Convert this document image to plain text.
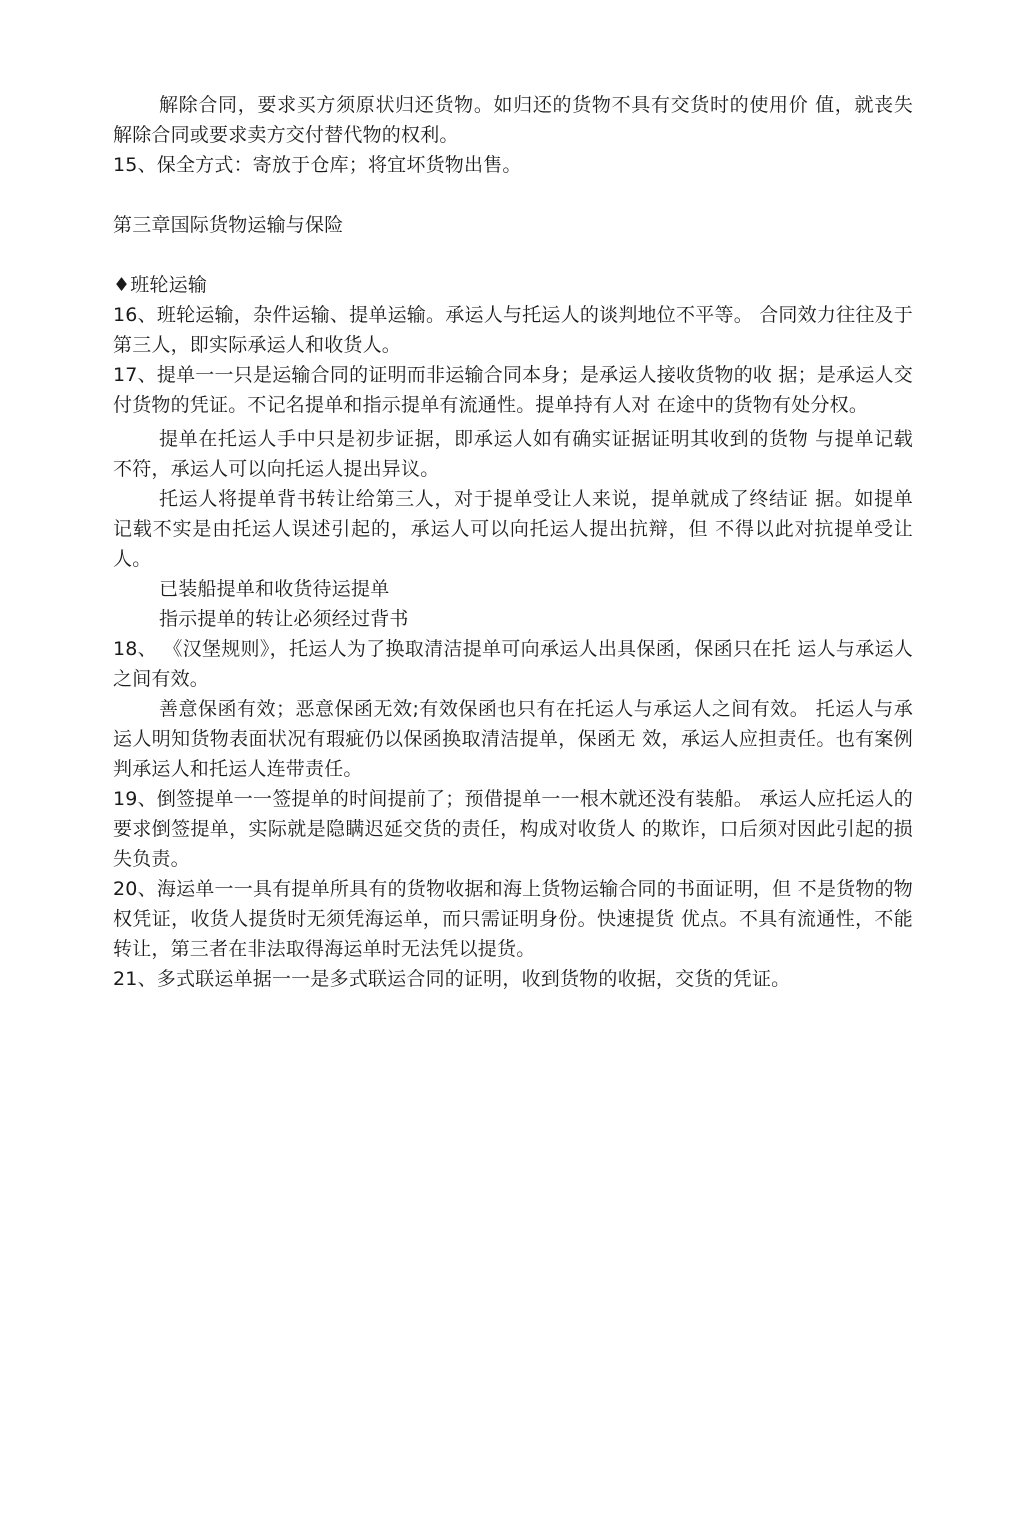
解除合同，要求买方须原状归还货物。如归还的货物不具有交货时的使用价 值，就丧失解除合同或要求卖方交付替代物的权利。

15、保全方式：寄放于仓库；将宜坏货物出售。

第三章国际货物运输与保险

♦班轮运输

16、班轮运输，杂件运输、提单运输。承运人与托运人的谈判地位不平等。 合同效力往往及于第三人，即实际承运人和收货人。

17、提单一一只是运输合同的证明而非运输合同本身；是承运人接收货物的收 据；是承运人交付货物的凭证。不记名提单和指示提单有流通性。提单持有人对 在途中的货物有处分权。

提单在托运人手中只是初步证据，即承运人如有确实证据证明其收到的货物 与提单记载不符，承运人可以向托运人提出异议。

托运人将提单背书转让给第三人，对于提单受让人来说，提单就成了终结证 据。如提单记载不实是由托运人误述引起的，承运人可以向托运人提出抗辩，但 不得以此对抗提单受让人。

已装船提单和收货待运提单

指示提单的转让必须经过背书

18、 《汉堡规则》，托运人为了换取清洁提单可向承运人出具保函，保函只在托 运人与承运人之间有效。

善意保函有效；恶意保函无效;有效保函也只有在托运人与承运人之间有效。 托运人与承运人明知货物表面状况有瑕疵仍以保函换取清洁提单，保函无 效，承运人应担责任。也有案例判承运人和托运人连带责任。

19、倒签提单一一签提单的时间提前了；预借提单一一根木就还没有装船。 承运人应托运人的要求倒签提单，实际就是隐瞒迟延交货的责任，构成对收货人 的欺诈，口后须对因此引起的损失负责。

20、海运单一一具有提单所具有的货物收据和海上货物运输合同的书面证明，但 不是货物的物权凭证，收货人提货时无须凭海运单，而只需证明身份。快速提货 优点。不具有流通性，不能转让，第三者在非法取得海运单时无法凭以提货。

21、多式联运单据一一是多式联运合同的证明，收到货物的收据，交货的凭证。
